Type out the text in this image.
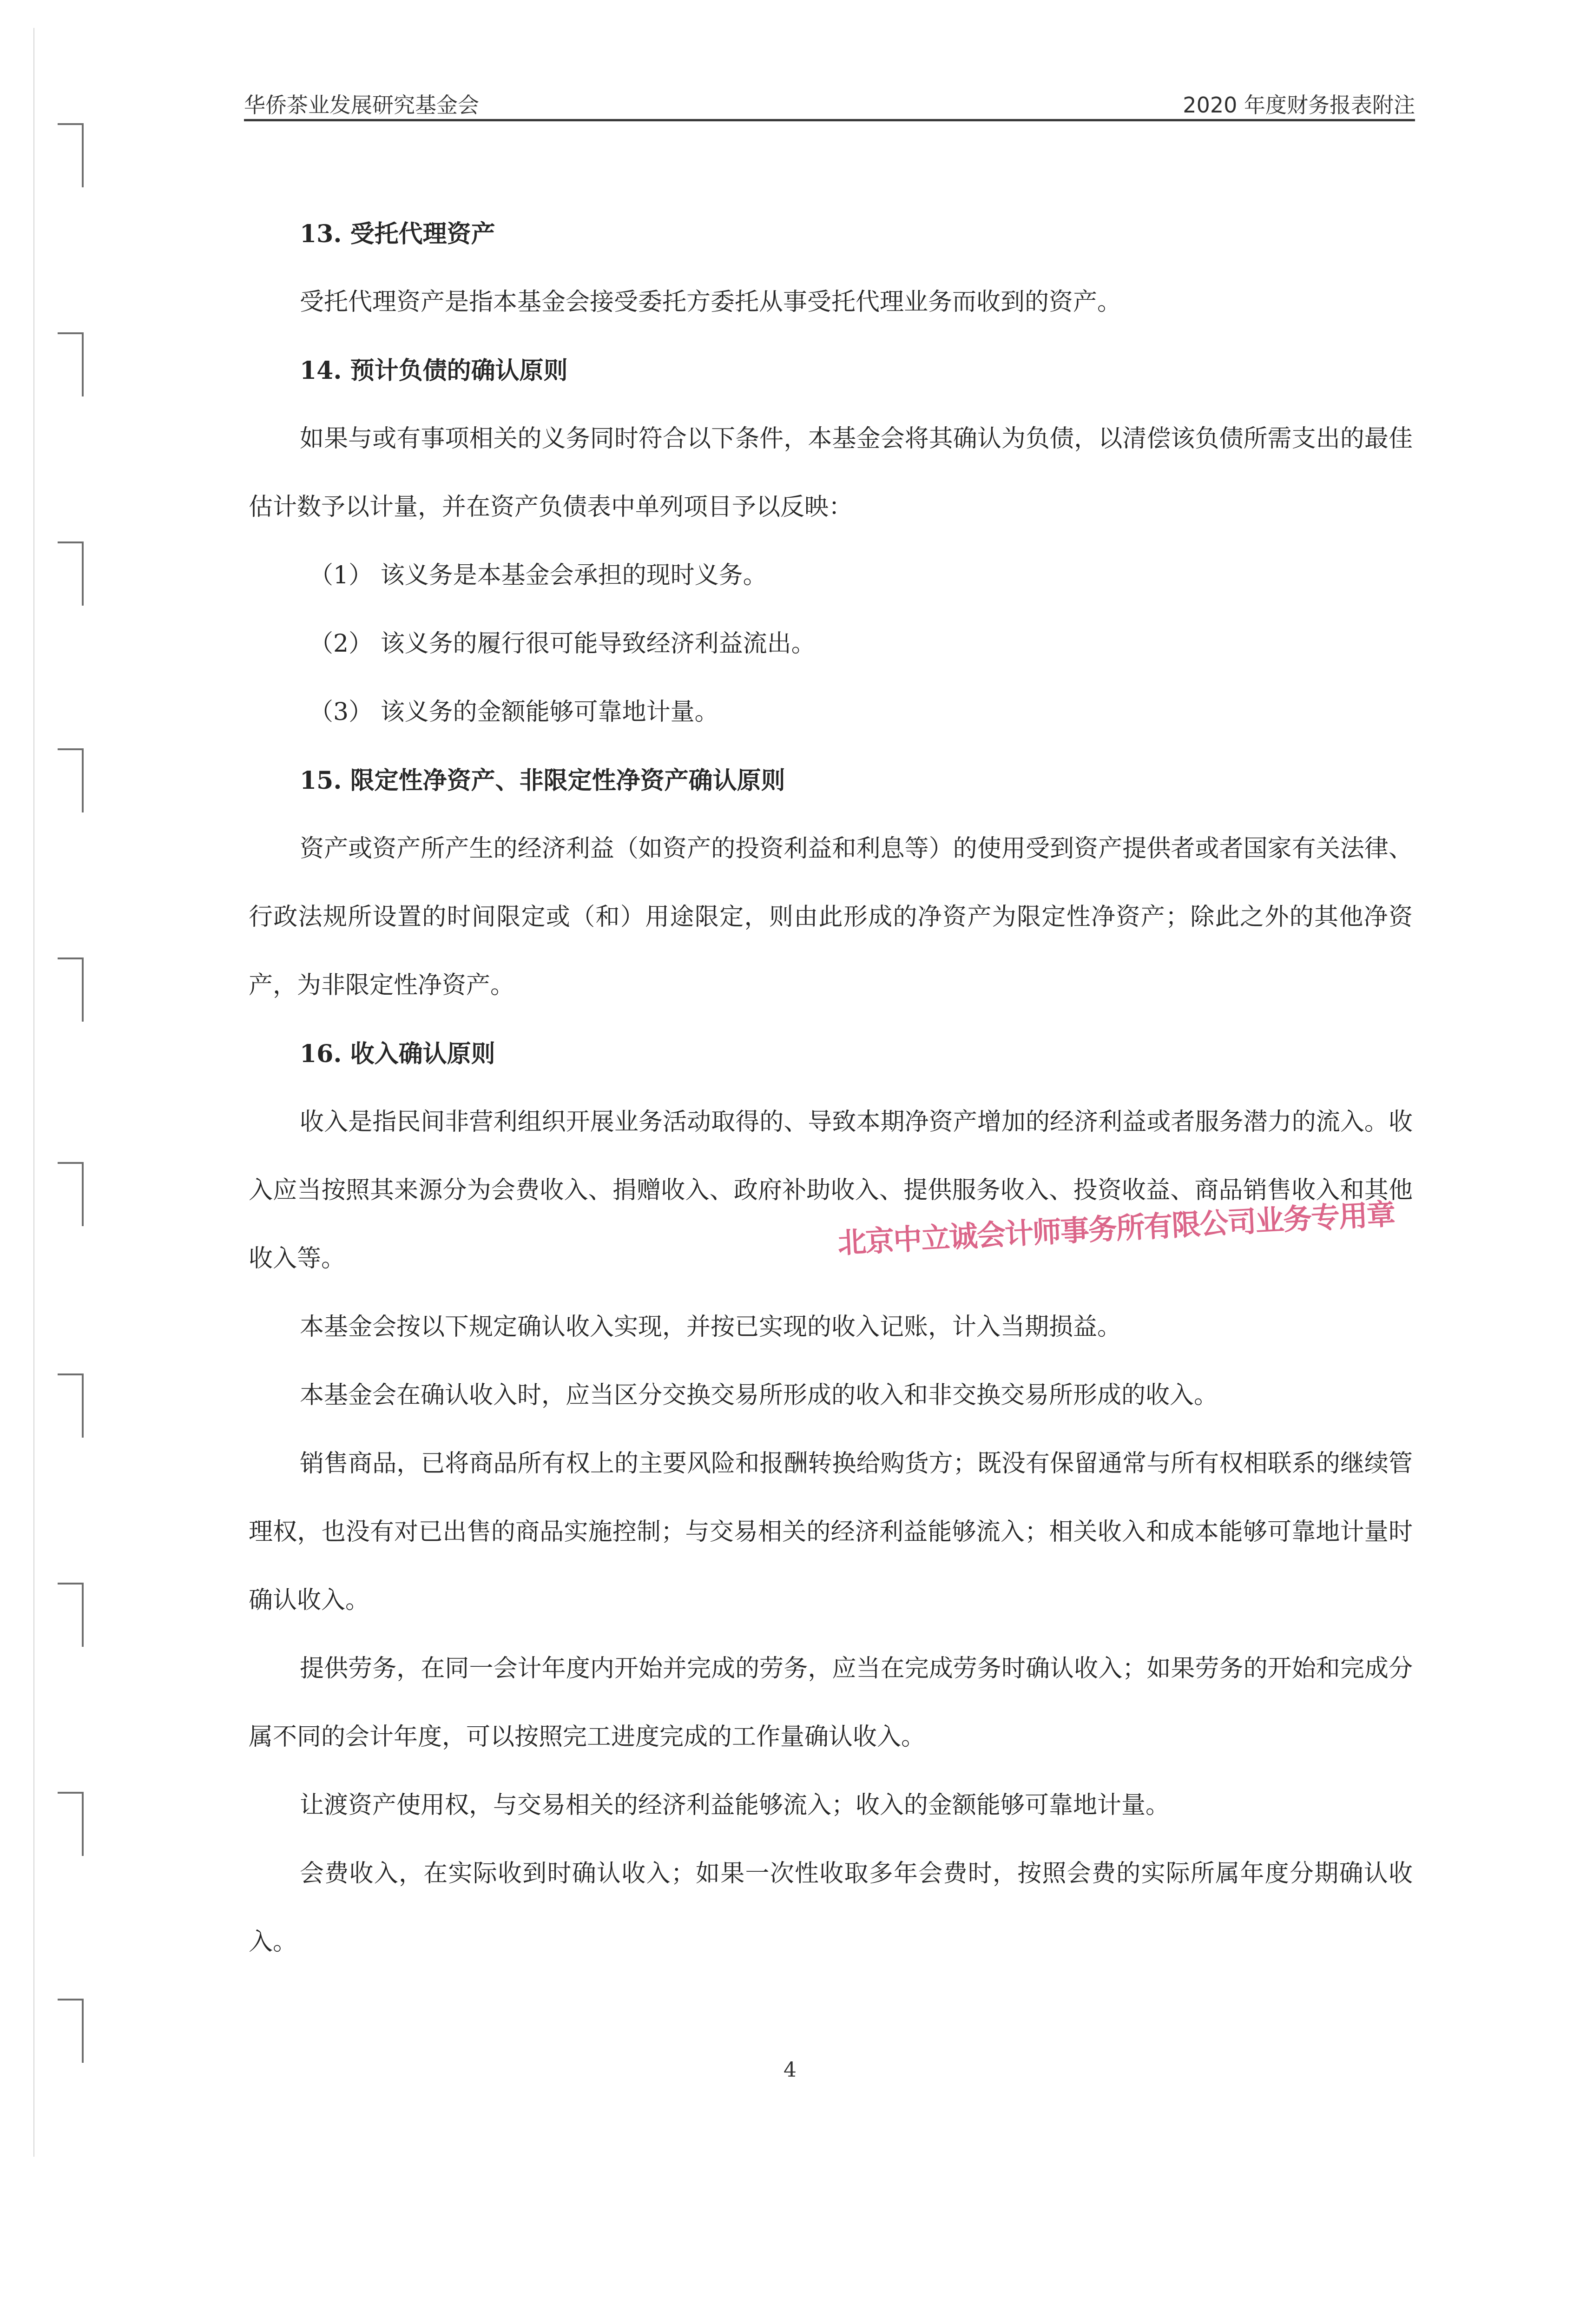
华侨茶业发展研究基金会	2020 年度财务报表附注

13. 受托代理资产

受托代理资产是指本基金会接受委托方委托从事受托代理业务而收到的资产。

14. 预计负债的确认原则

如果与或有事项相关的义务同时符合以下条件，本基金会将其确认为负债，以清偿该负债所需支出的最佳估计数予以计量，并在资产负债表中单列项目予以反映：

（1） 该义务是本基金会承担的现时义务。

（2） 该义务的履行很可能导致经济利益流出。

（3） 该义务的金额能够可靠地计量。

15. 限定性净资产、非限定性净资产确认原则

资产或资产所产生的经济利益（如资产的投资利益和利息等）的使用受到资产提供者或者国家有关法律、行政法规所设置的时间限定或（和）用途限定，则由此形成的净资产为限定性净资产；除此之外的其他净资产，为非限定性净资产。

16. 收入确认原则

收入是指民间非营利组织开展业务活动取得的、导致本期净资产增加的经济利益或者服务潜力的流入。收入应当按照其来源分为会费收入、捐赠收入、政府补助收入、提供服务收入、投资收益、商品销售收入和其他收入等。

本基金会按以下规定确认收入实现，并按已实现的收入记账，计入当期损益。

本基金会在确认收入时，应当区分交换交易所形成的收入和非交换交易所形成的收入。

销售商品，已将商品所有权上的主要风险和报酬转换给购货方；既没有保留通常与所有权相联系的继续管理权，也没有对已出售的商品实施控制；与交易相关的经济利益能够流入；相关收入和成本能够可靠地计量时确认收入。

提供劳务，在同一会计年度内开始并完成的劳务，应当在完成劳务时确认收入；如果劳务的开始和完成分属不同的会计年度，可以按照完工进度完成的工作量确认收入。

让渡资产使用权，与交易相关的经济利益能够流入；收入的金额能够可靠地计量。

会费收入，在实际收到时确认收入；如果一次性收取多年会费时，按照会费的实际所属年度分期确认收入。

北京中立诚会计师事务所有限公司业务专用章
4
